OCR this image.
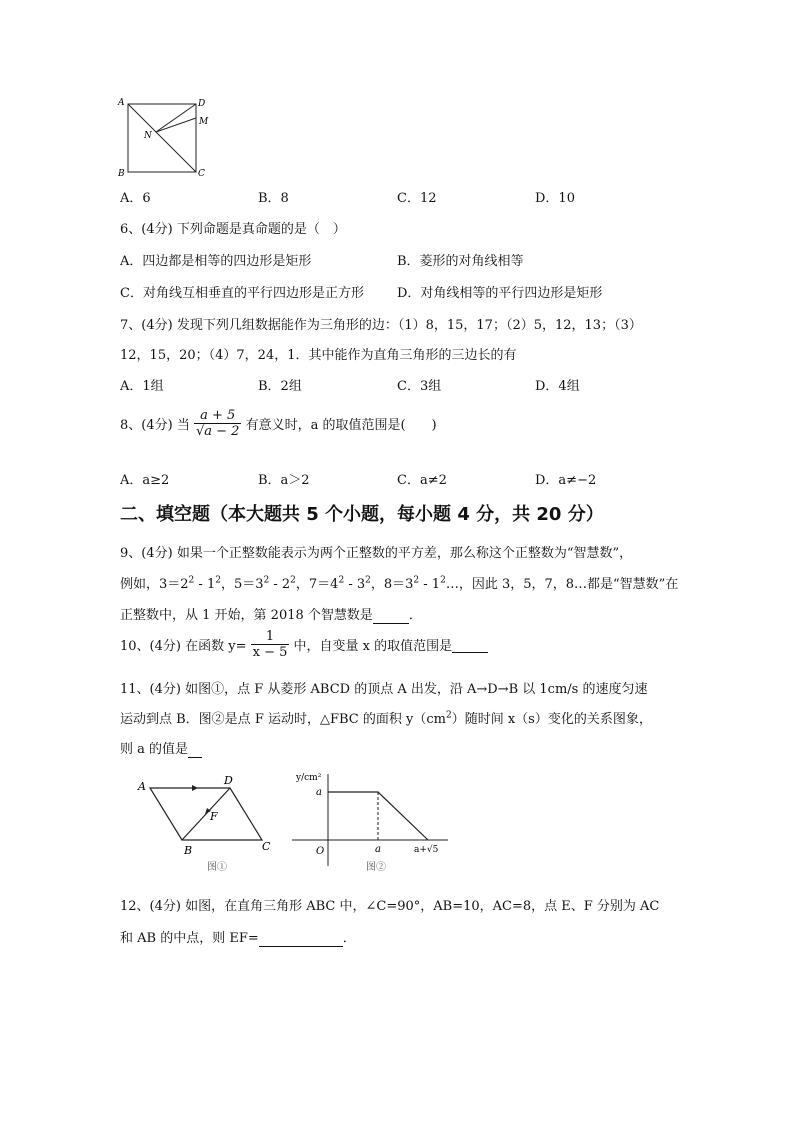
A	D
M
N
B	C
A．6	B．8	C．12	D．10
6、(4分) 下列命题是真命题的是（　）
A．四边都是相等的四边形是矩形	B．菱形的对角线相等
C．对角线互相垂直的平行四边形是正方形	D．对角线相等的平行四边形是矩形
7、(4分) 发现下列几组数据能作为三角形的边：（1）8，15，17；（2）5，12，13；（3）
12，15，20；（4）7，24，1．其中能作为直角三角形的三边长的有
A．1组	B．2组	C．3组	D．4组
8、(4分) 当 $\frac{a + 5}{√a - 2}$ 有意义时，a 的取值范围是(　　)
A．a≥2	B．a＞2	C．a≠2	D．a≠−2
二、填空题（本大题共 5 个小题，每小题 4 分，共 20 分）
9、(4分) 如果一个正整数能表示为两个正整数的平方差，那么称这个正整数为“智慧数”，
例如，$3=2^2 - 1^2$，$5=3^2 - 2^2$，$7=4^2 - 3^2$，$8=3^2$ - $1^2\dots$，因此 3，5，7，8…都是“智慧数”在
正整数中，从 1 开始，第 2018 个智慧数是	．
10、(4分) 在函数 $y= \frac{1}{x - 5}$ 中，自变量 x 的取值范围是
11、(4分) 如图①，点 F 从菱形 ABCD 的顶点 A 出发，沿 A→D→B 以 1cm/s 的速度匀速
运动到点 B．图②是点 F 运动时，△FBC 的面积 $y(cm^2)$随时间 x（s）变化的关系图象，
则 a 的值是
A	D
F
B	C
图①
y/cm²
a
O	a	a+√5
图②
12、(4分) 如图，在直角三角形 ABC 中，∠C=90°，AB=10，AC=8，点 E、F 分别为 AC
和 AB 的中点，则 EF=	．
